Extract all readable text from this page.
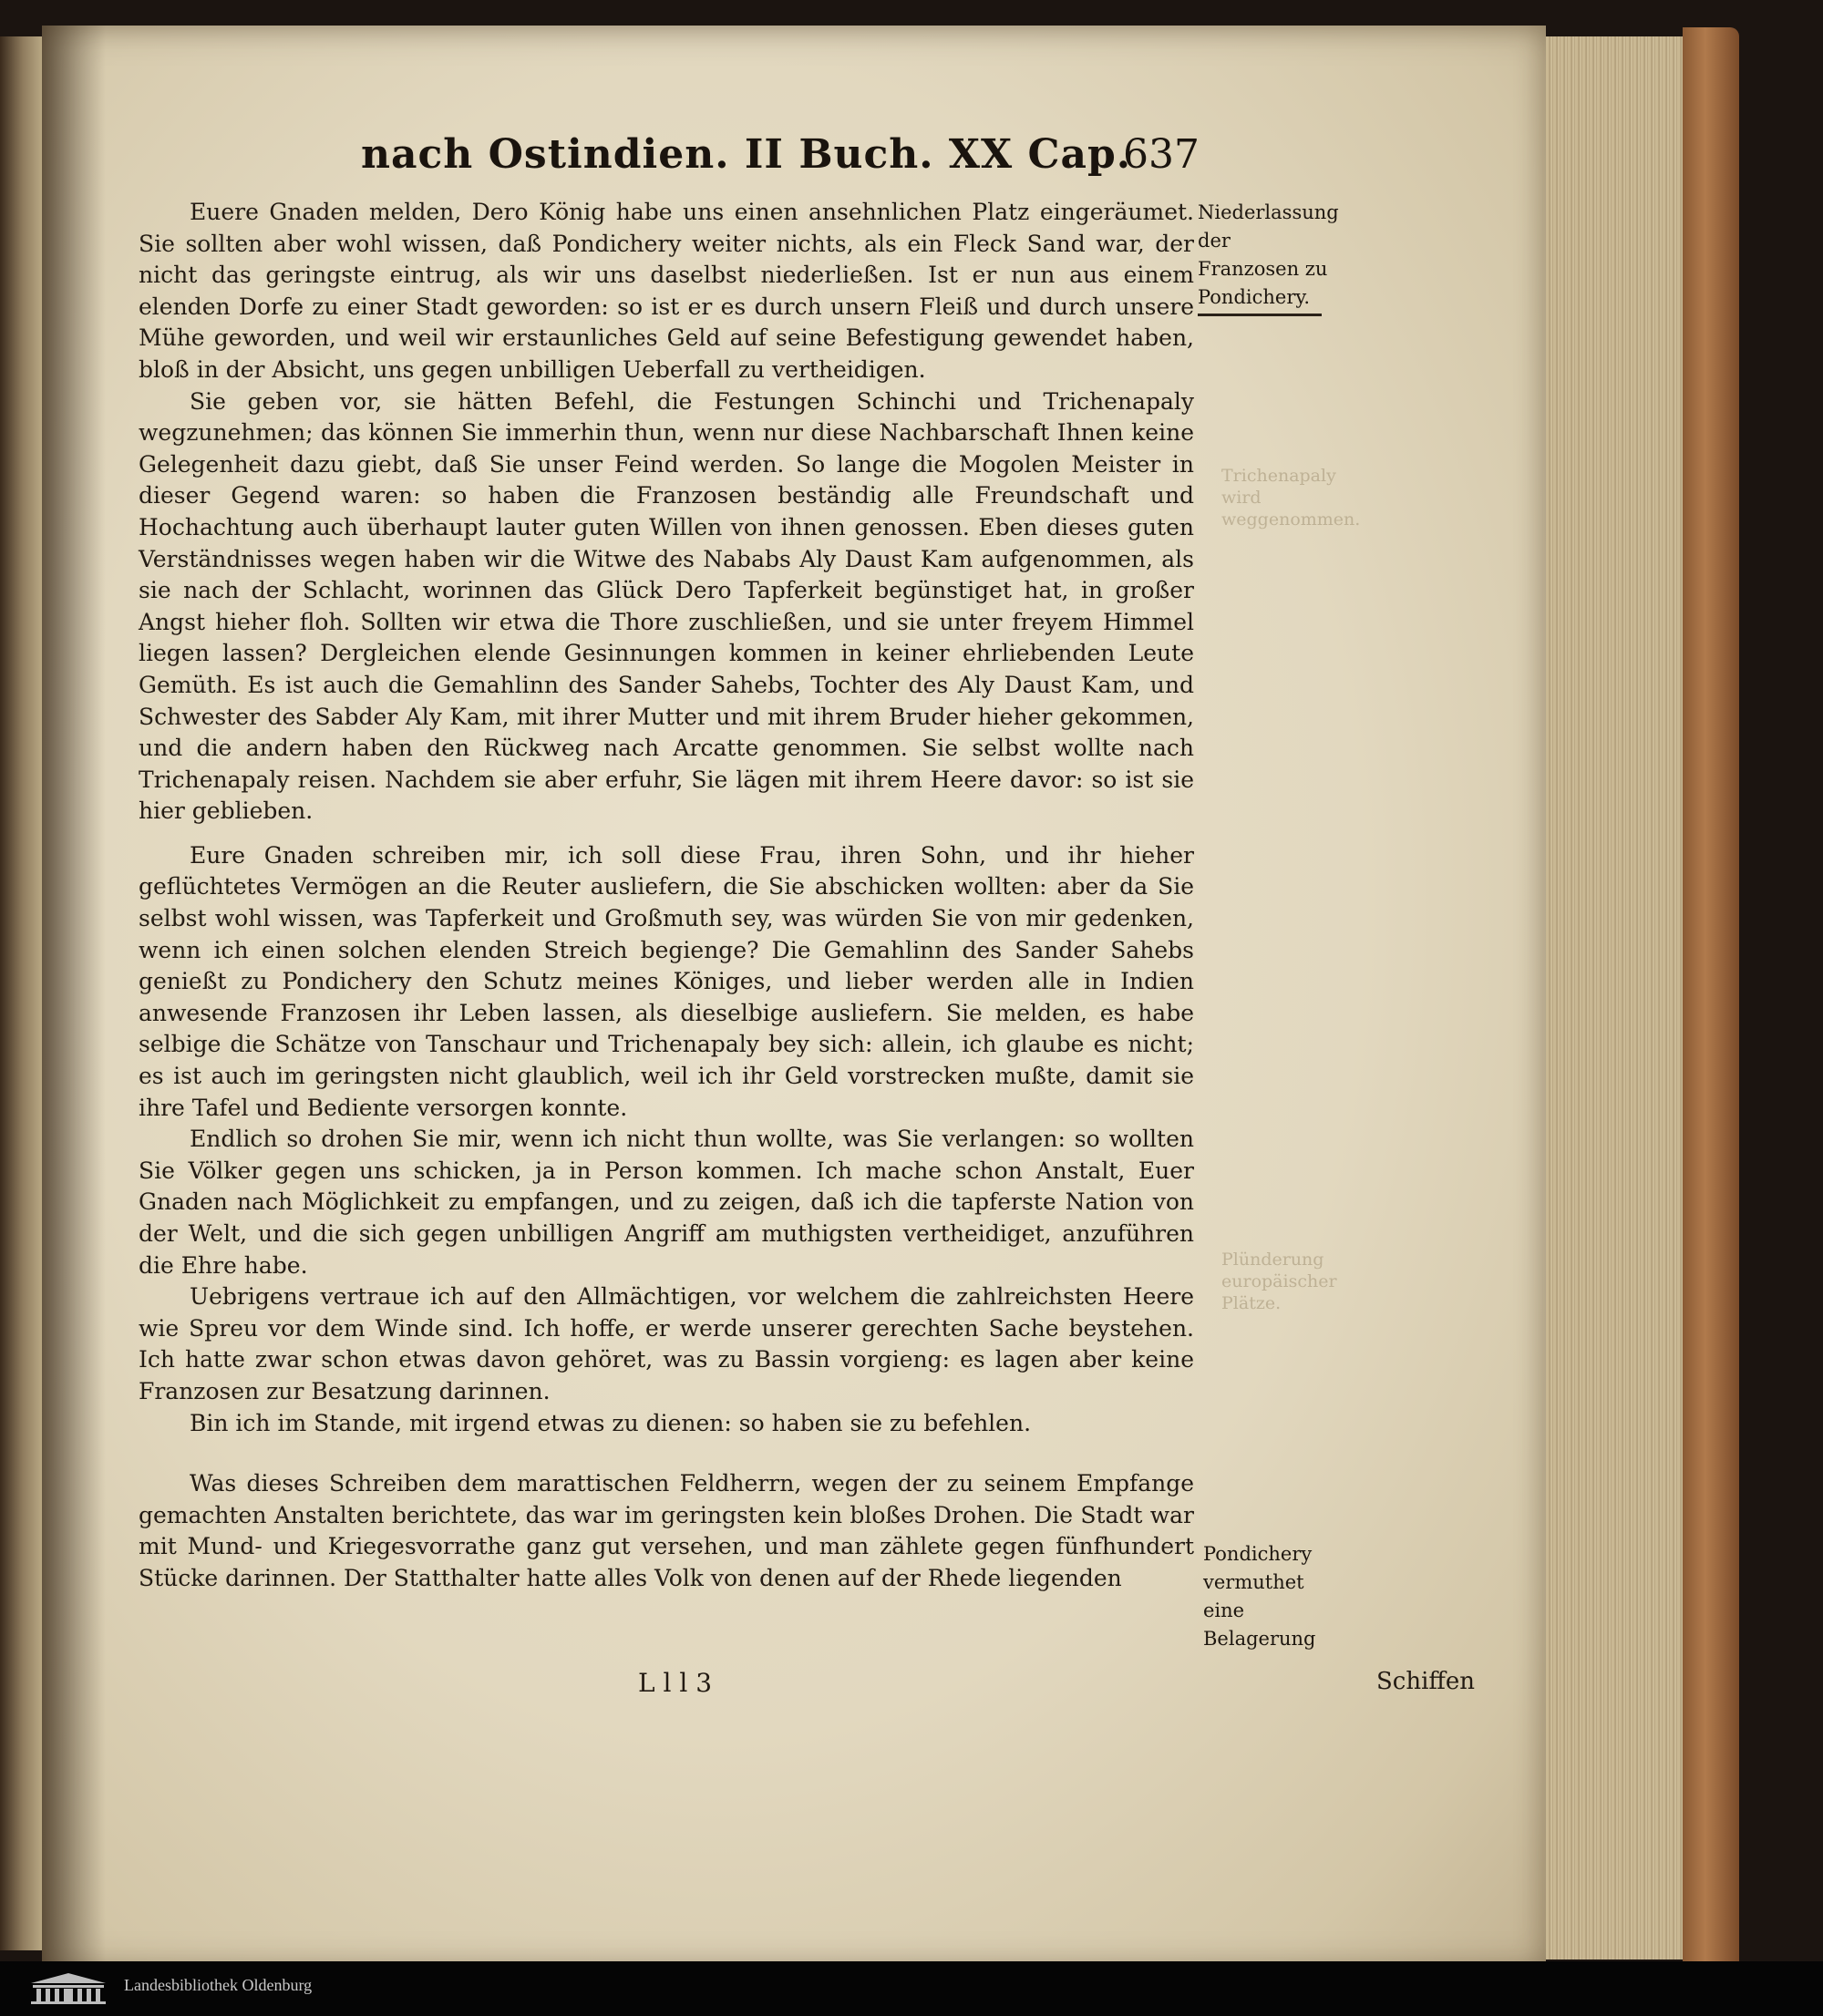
nach Ostindien. II Buch. XX Cap.
637

Euere Gnaden melden, Dero König habe uns einen ansehnlichen Platz eingeräumet. Sie sollten aber wohl wissen, daß Pondichery weiter nichts, als ein Fleck Sand war, der nicht das geringste eintrug, als wir uns daselbst niederließen. Ist er nun aus einem elenden Dorfe zu einer Stadt geworden: so ist er es durch unsern Fleiß und durch unsere Mühe geworden, und weil wir erstaunliches Geld auf seine Befestigung gewendet haben, bloß in der Absicht, uns gegen unbilligen Ueberfall zu vertheidigen.

Sie geben vor, sie hätten Befehl, die Festungen Schinchi und Trichenapaly wegzunehmen; das können Sie immerhin thun, wenn nur diese Nachbarschaft Ihnen keine Gelegenheit dazu giebt, daß Sie unser Feind werden. So lange die Mogolen Meister in dieser Gegend waren: so haben die Franzosen beständig alle Freundschaft und Hochachtung auch überhaupt lauter guten Willen von ihnen genossen. Eben dieses guten Verständnisses wegen haben wir die Witwe des Nababs Aly Daust Kam aufgenommen, als sie nach der Schlacht, worinnen das Glück Dero Tapferkeit begünstiget hat, in großer Angst hieher floh. Sollten wir etwa die Thore zuschließen, und sie unter freyem Himmel liegen lassen? Dergleichen elende Gesinnungen kommen in keiner ehrliebenden Leute Gemüth. Es ist auch die Gemahlinn des Sander Sahebs, Tochter des Aly Daust Kam, und Schwester des Sabder Aly Kam, mit ihrer Mutter und mit ihrem Bruder hieher gekommen, und die andern haben den Rückweg nach Arcatte genommen. Sie selbst wollte nach Trichenapaly reisen. Nachdem sie aber erfuhr, Sie lägen mit ihrem Heere davor: so ist sie hier geblieben.

Eure Gnaden schreiben mir, ich soll diese Frau, ihren Sohn, und ihr hieher geflüchtetes Vermögen an die Reuter ausliefern, die Sie abschicken wollten: aber da Sie selbst wohl wissen, was Tapferkeit und Großmuth sey, was würden Sie von mir gedenken, wenn ich einen solchen elenden Streich begienge? Die Gemahlinn des Sander Sahebs genießt zu Pondichery den Schutz meines Königes, und lieber werden alle in Indien anwesende Franzosen ihr Leben lassen, als dieselbige ausliefern. Sie melden, es habe selbige die Schätze von Tanschaur und Trichenapaly bey sich: allein, ich glaube es nicht; es ist auch im geringsten nicht glaublich, weil ich ihr Geld vorstrecken mußte, damit sie ihre Tafel und Bediente versorgen konnte.

Endlich so drohen Sie mir, wenn ich nicht thun wollte, was Sie verlangen: so wollten Sie Völker gegen uns schicken, ja in Person kommen. Ich mache schon Anstalt, Euer Gnaden nach Möglichkeit zu empfangen, und zu zeigen, daß ich die tapferste Nation von der Welt, und die sich gegen unbilligen Angriff am muthigsten vertheidiget, anzuführen die Ehre habe.

Uebrigens vertraue ich auf den Allmächtigen, vor welchem die zahlreichsten Heere wie Spreu vor dem Winde sind. Ich hoffe, er werde unserer gerechten Sache beystehen. Ich hatte zwar schon etwas davon gehöret, was zu Bassin vorgieng: es lagen aber keine Franzosen zur Besatzung darinnen.

Bin ich im Stande, mit irgend etwas zu dienen: so haben sie zu befehlen.

Was dieses Schreiben dem marattischen Feldherrn, wegen der zu seinem Empfange gemachten Anstalten berichtete, das war im geringsten kein bloßes Drohen. Die Stadt war mit Mund- und Kriegesvorrathe ganz gut versehen, und man zählete gegen fünfhundert Stücke darinnen. Der Statthalter hatte alles Volk von denen auf der Rhede liegenden

Niederlassung der Franzosen zu Pondichery.
Trichenapaly wird weggenommen.
Plünderung europäischer Plätze.
Pondichery vermuthet eine Belagerung
L l l 3	Schiffen
Landesbibliothek Oldenburg
